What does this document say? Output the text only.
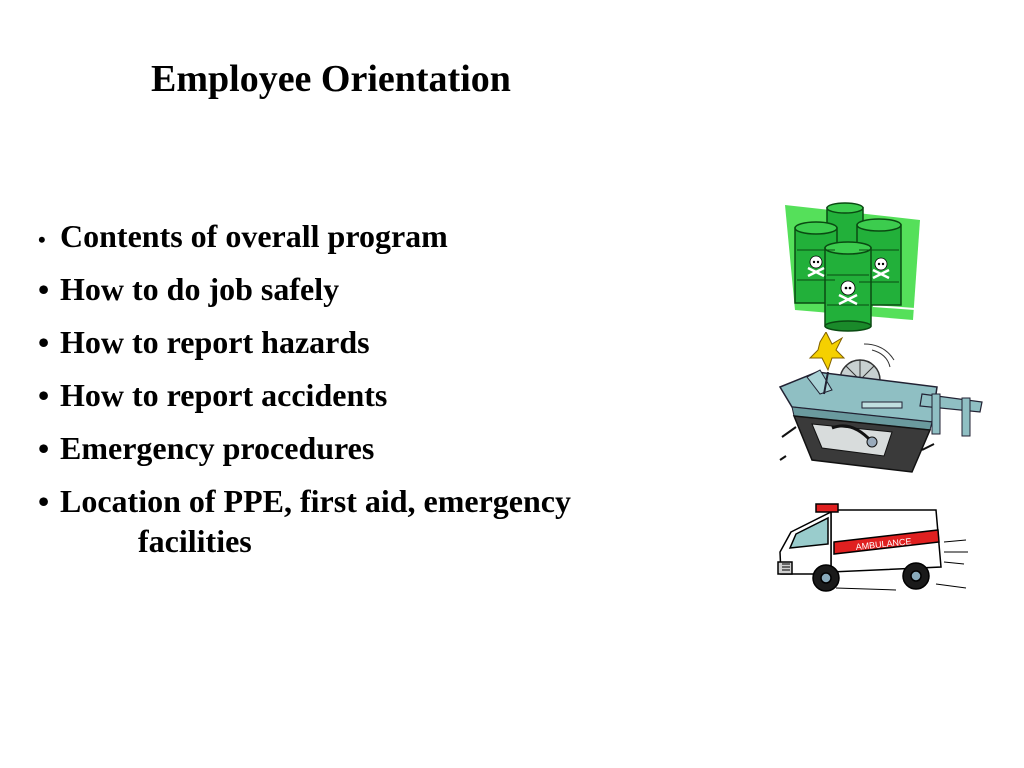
Employee Orientation
• Contents of overall program
• How to do job safely
• How to report hazards
• How to report accidents
• Emergency procedures
• Location of PPE, first aid, emergency
facilities	AMBULANCE
